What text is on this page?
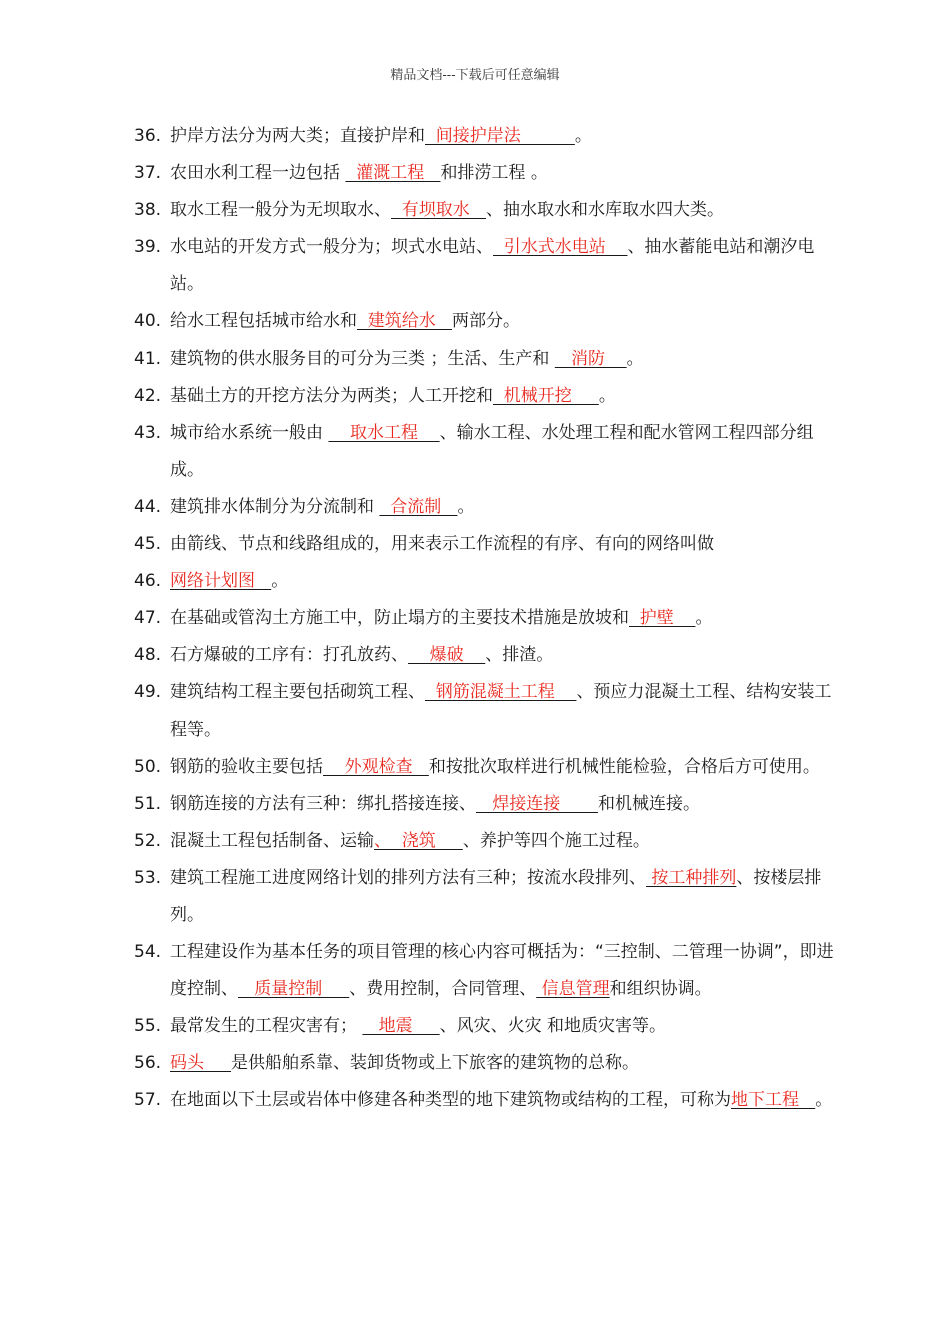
精品文档---下载后可任意编辑
36. 护岸方法分为两大类；直接护岸和  间接护岸法          。
37. 农田水利工程一边包括   灌溉工程   和排涝工程 。
38. 取水工程一般分为无坝取水、  有坝取水   、抽水取水和水库取水四大类。
39. 水电站的开发方式一般分为；坝式水电站、  引水式水电站    、抽水蓄能电站和潮汐电站。
40. 给水工程包括城市给水和  建筑给水   两部分。
41. 建筑物的供水服务目的可分为三类 ；生活、生产和    消防    。
42. 基础土方的开挖方法分为两类；人工开挖和  机械开挖     。
43. 城市给水系统一般由     取水工程    、输水工程、水处理工程和配水管网工程四部分组成。
44. 建筑排水体制分为分流制和   合流制   。
45. 由箭线、节点和线路组成的，用来表示工作流程的有序、有向的网络叫做
46. 网络计划图   。
47. 在基础或管沟土方施工中，防止塌方的主要技术措施是放坡和  护壁    。
48. 石方爆破的工序有：打孔放药、    爆破    、排渣。
49. 建筑结构工程主要包括砌筑工程、  钢筋混凝土工程    、预应力混凝土工程、结构安装工程等。
50. 钢筋的验收主要包括    外观检查   和按批次取样进行机械性能检验，合格后方可使用。
51. 钢筋连接的方法有三种：绑扎搭接连接、   焊接连接       和机械连接。
52. 混凝土工程包括制备、运输、  浇筑     、养护等四个施工过程。
53. 建筑工程施工进度网络计划的排列方法有三种；按流水段排列、 按工种排列、按楼层排列。
54. 工程建设作为基本任务的项目管理的核心内容可概括为：“三控制、二管理一协调”，即进度控制、   质量控制     、费用控制，合同管理、 信息管理和组织协调。
55. 最常发生的工程灾害有；    地震     、风灾、火灾 和地质灾害等。
56. 码头     是供船舶系靠、装卸货物或上下旅客的建筑物的总称。
57. 在地面以下土层或岩体中修建各种类型的地下建筑物或结构的工程，可称为地下工程   。
